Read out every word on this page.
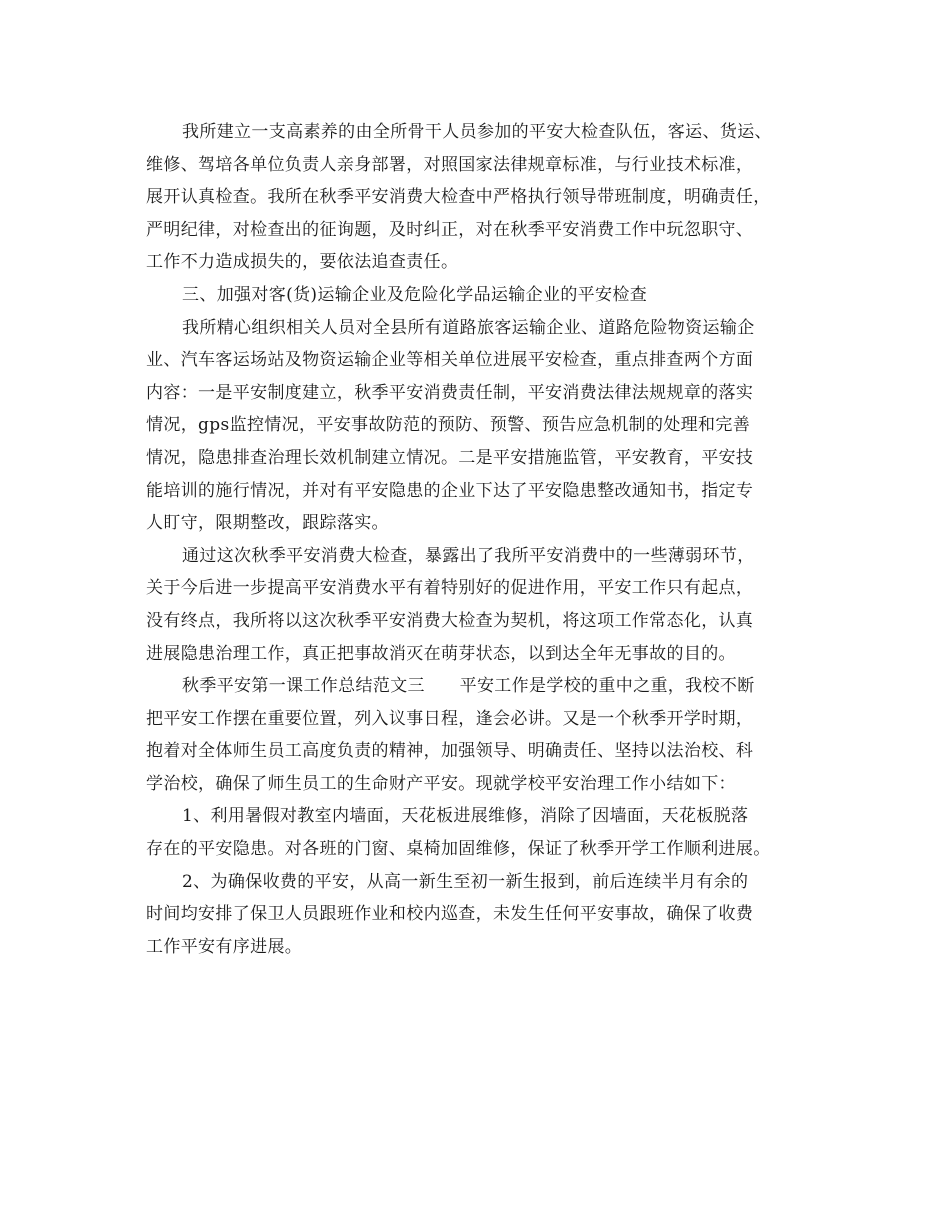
我所建立一支高素养的由全所骨干人员参加的平安大检查队伍，客运、货运、
维修、驾培各单位负责人亲身部署，对照国家法律规章标准，与行业技术标准，
展开认真检查。我所在秋季平安消费大检查中严格执行领导带班制度，明确责任，
严明纪律，对检查出的征询题，及时纠正，对在秋季平安消费工作中玩忽职守、
工作不力造成损失的，要依法追查责任。
三、加强对客(货)运输企业及危险化学品运输企业的平安检查
我所精心组织相关人员对全县所有道路旅客运输企业、道路危险物资运输企
业、汽车客运场站及物资运输企业等相关单位进展平安检查，重点排查两个方面
内容：一是平安制度建立，秋季平安消费责任制，平安消费法律法规规章的落实
情况，gps监控情况，平安事故防范的预防、预警、预告应急机制的处理和完善
情况，隐患排查治理长效机制建立情况。二是平安措施监管，平安教育，平安技
能培训的施行情况，并对有平安隐患的企业下达了平安隐患整改通知书，指定专
人盯守，限期整改，跟踪落实。
通过这次秋季平安消费大检查，暴露出了我所平安消费中的一些薄弱环节，
关于今后进一步提高平安消费水平有着特别好的促进作用，平安工作只有起点，
没有终点，我所将以这次秋季平安消费大检查为契机，将这项工作常态化，认真
进展隐患治理工作，真正把事故消灭在萌芽状态，以到达全年无事故的目的。
秋季平安第一课工作总结范文三　　平安工作是学校的重中之重，我校不断
把平安工作摆在重要位置，列入议事日程，逢会必讲。又是一个秋季开学时期，
抱着对全体师生员工高度负责的精神，加强领导、明确责任、坚持以法治校、科
学治校，确保了师生员工的生命财产平安。现就学校平安治理工作小结如下：
1、利用暑假对教室内墙面，天花板进展维修，消除了因墙面，天花板脱落
存在的平安隐患。对各班的门窗、桌椅加固维修，保证了秋季开学工作顺利进展。
2、为确保收费的平安，从高一新生至初一新生报到，前后连续半月有余的
时间均安排了保卫人员跟班作业和校内巡查，未发生任何平安事故，确保了收费
工作平安有序进展。
